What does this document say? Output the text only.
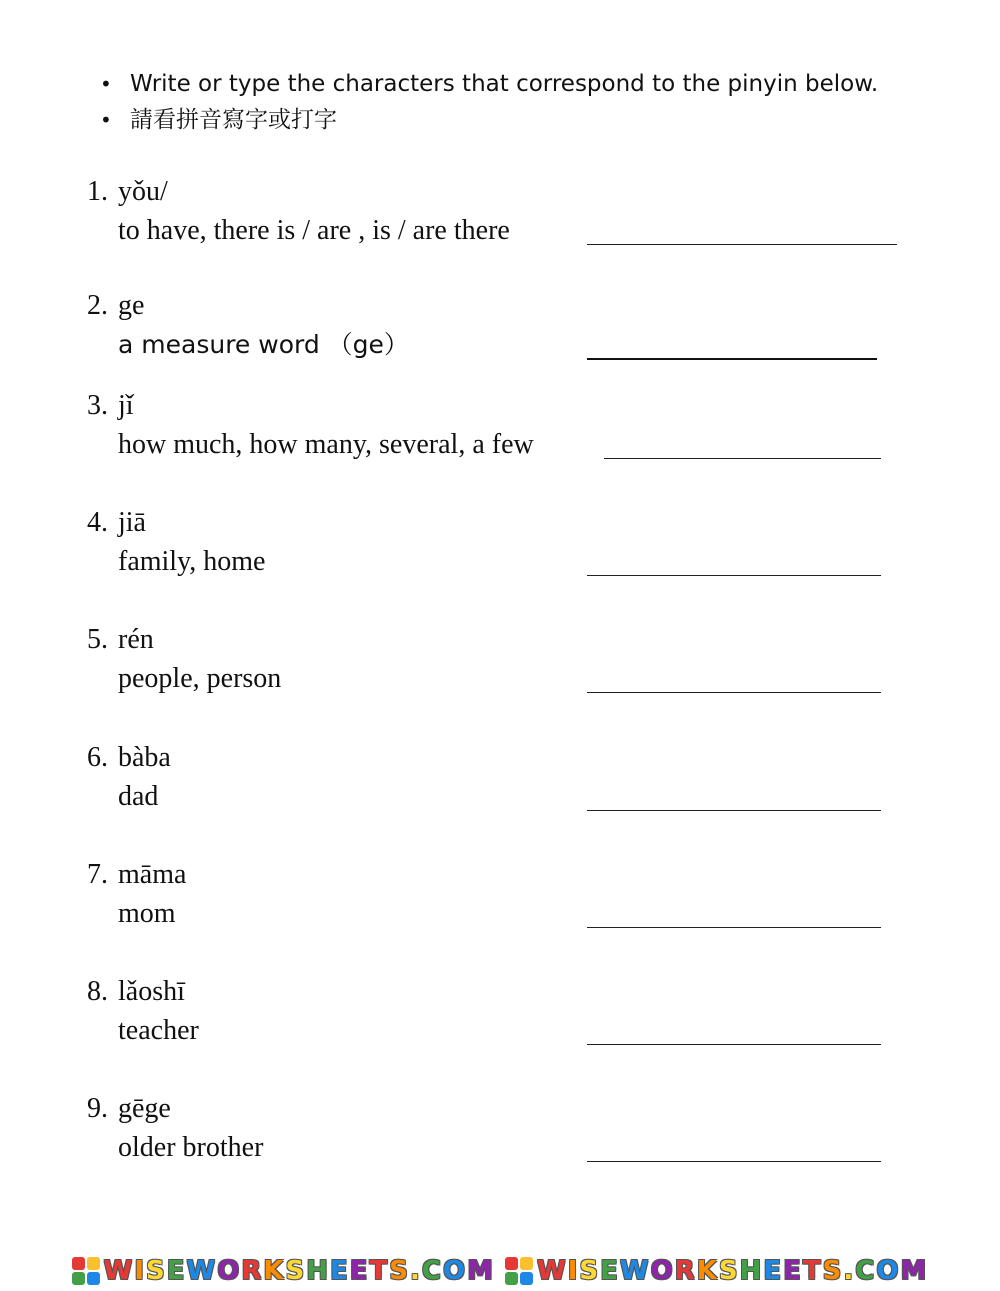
• Write or type the characters that correspond to the pinyin below.
• 請看拼音寫字或打字
1. yǒu/
to have, there is / are , is / are there
2. ge
a measure word （ge）
3. jǐ
how much, how many, several, a few
4. jiā
family, home
5. rén
people, person
6. bàba
dad
7. māma
mom
8. lǎoshī
teacher
9. gēge
older brother
WISEWORKSHEETS.COM WISEWORKSHEETS.COM
